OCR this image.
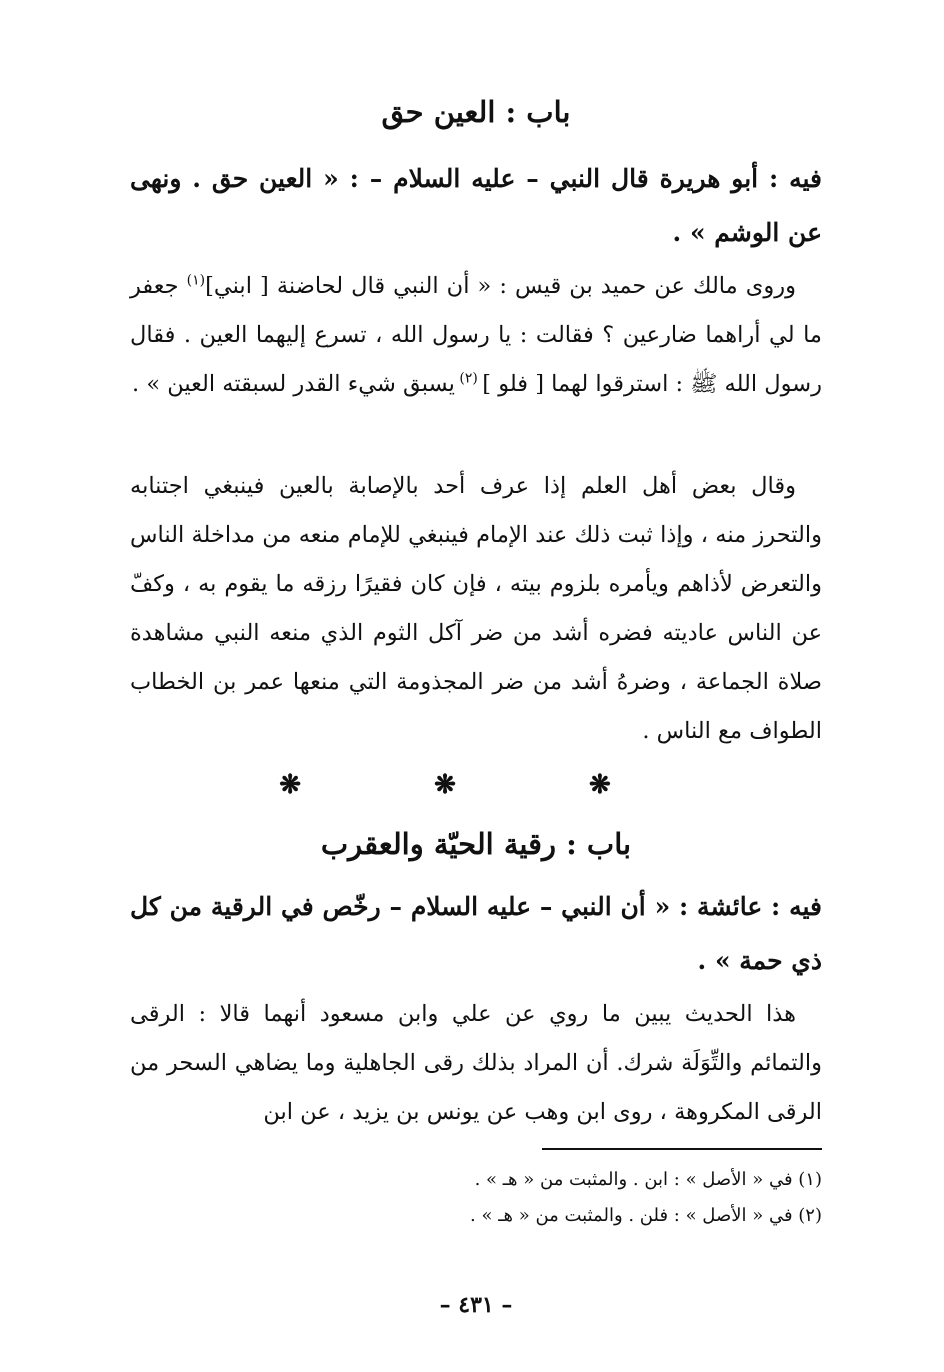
باب : العين حق

فيه : أبو هريرة قال النبي – عليه السلام – : « العين حق . ونهى عن الوشم » .

وروى مالك عن حميد بن قيس : « أن النبي قال لحاضنة [ ابني]$^{(١)}$ جعفر ما لي أراهما ضارعين ؟ فقالت : يا رسول الله ، تسرع إليهما العين . فقال رسول الله ﷺ : استرقوا لهما [ فلو ] $^{(٢)}$ يسبق شيء القدر لسبقته العين » .

وقال بعض أهل العلم إذا عرف أحد بالإصابة بالعين فينبغي اجتنابه والتحرز منه ، وإذا ثبت ذلك عند الإمام فينبغي للإمام منعه من مداخلة الناس والتعرض لأذاهم ويأمره بلزوم بيته ، فإن كان فقيرًا رزقه ما يقوم به ، وكفّ عن الناس عاديته فضره أشد من ضر آكل الثوم الذي منعه النبي مشاهدة صلاة الجماعة ، وضرهُ أشد من ضر المجذومة التي منعها عمر بن الخطاب الطواف مع الناس .

❋ ❋ ❋
باب : رقية الحيّة والعقرب

فيه : عائشة : « أن النبي – عليه السلام – رخّص في الرقية من كل ذي حمة » .

هذا الحديث يبين ما روي عن علي وابن مسعود أنهما قالا : الرقى والتمائم والتِّوَلَة شرك. أن المراد بذلك رقى الجاهلية وما يضاهي السحر من الرقى المكروهة ، روى ابن وهب عن يونس بن يزيد ، عن ابن

(١) في « الأصل » : ابن . والمثبت من « هـ » .

(٢) في « الأصل » : فلن . والمثبت من « هـ » .

– ٤٣١ –
